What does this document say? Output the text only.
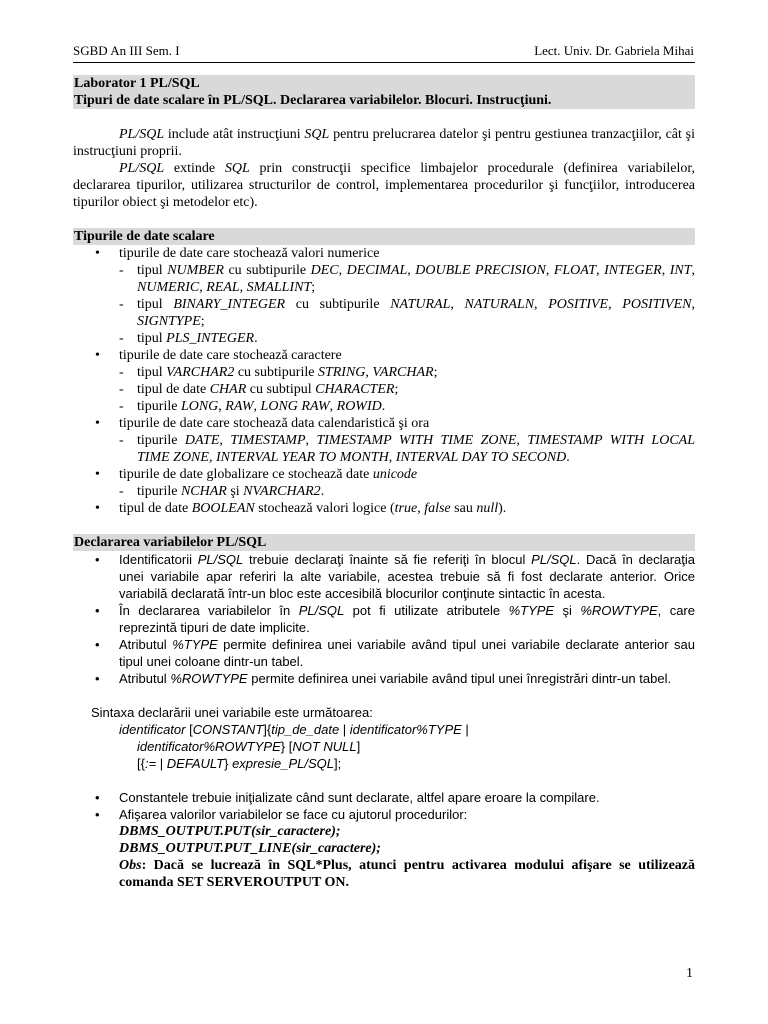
SGBD An III Sem. I	Lect. Univ. Dr. Gabriela Mihai
Laborator 1 PL/SQL
Tipuri de date scalare în PL/SQL. Declararea variabilelor. Blocuri. Instrucţiuni.

PL/SQL include atât instrucţiuni SQL pentru prelucrarea datelor şi pentru gestiunea tranzacţiilor, cât şi instrucţiuni proprii.

PL/SQL extinde SQL prin construcţii specifice limbajelor procedurale (definirea variabilelor, declararea tipurilor, utilizarea structurilor de control, implementarea procedurilor şi funcţiilor, introducerea tipurilor obiect şi metodelor etc).

Tipurile de date scalare
• tipurile de date care stochează valori numerice
- tipul NUMBER cu subtipurile DEC, DECIMAL, DOUBLE PRECISION, FLOAT, INTEGER, INT, NUMERIC, REAL, SMALLINT;
- tipul BINARY_INTEGER cu subtipurile NATURAL, NATURALN, POSITIVE, POSITIVEN, SIGNTYPE;
- tipul PLS_INTEGER.
• tipurile de date care stochează caractere
- tipul VARCHAR2 cu subtipurile STRING, VARCHAR;
- tipul de date CHAR cu subtipul CHARACTER;
- tipurile LONG, RAW, LONG RAW, ROWID.
• tipurile de date care stochează data calendaristică şi ora
- tipurile DATE, TIMESTAMP, TIMESTAMP WITH TIME ZONE, TIMESTAMP WITH LOCAL TIME ZONE, INTERVAL YEAR TO MONTH, INTERVAL DAY TO SECOND.
• tipurile de date globalizare ce stochează date unicode
- tipurile NCHAR şi NVARCHAR2.
• tipul de date BOOLEAN stochează valori logice (true, false sau null).
Declararea variabilelor PL/SQL
• Identificatorii PL/SQL trebuie declaraţi înainte să fie referiţi în blocul PL/SQL. Dacă în declaraţia unei variabile apar referiri la alte variabile, acestea trebuie să fi fost declarate anterior. Orice variabilă declarată într-un bloc este accesibilă blocurilor conţinute sintactic în acesta.
• În declararea variabilelor în PL/SQL pot fi utilizate atributele %TYPE şi %ROWTYPE, care reprezintă tipuri de date implicite.
• Atributul %TYPE permite definirea unei variabile având tipul unei variabile declarate anterior sau tipul unei coloane dintr-un tabel.
• Atributul %ROWTYPE permite definirea unei variabile având tipul unei înregistrări dintr-un tabel.
Sintaxa declarării unei variabile este următoarea:
identificator [CONSTANT]{tip_de_date | identificator%TYPE |
identificator%ROWTYPE} [NOT NULL]
[{:= | DEFAULT} expresie_PL/SQL];
• Constantele trebuie iniţializate când sunt declarate, altfel apare eroare la compilare.
• Afişarea valorilor variabilelor se face cu ajutorul procedurilor:
DBMS_OUTPUT.PUT(sir_caractere);
DBMS_OUTPUT.PUT_LINE(sir_caractere);
Obs: Dacă se lucrează în SQL*Plus, atunci pentru activarea modului afişare se utilizează comanda SET SERVEROUTPUT ON.
1
